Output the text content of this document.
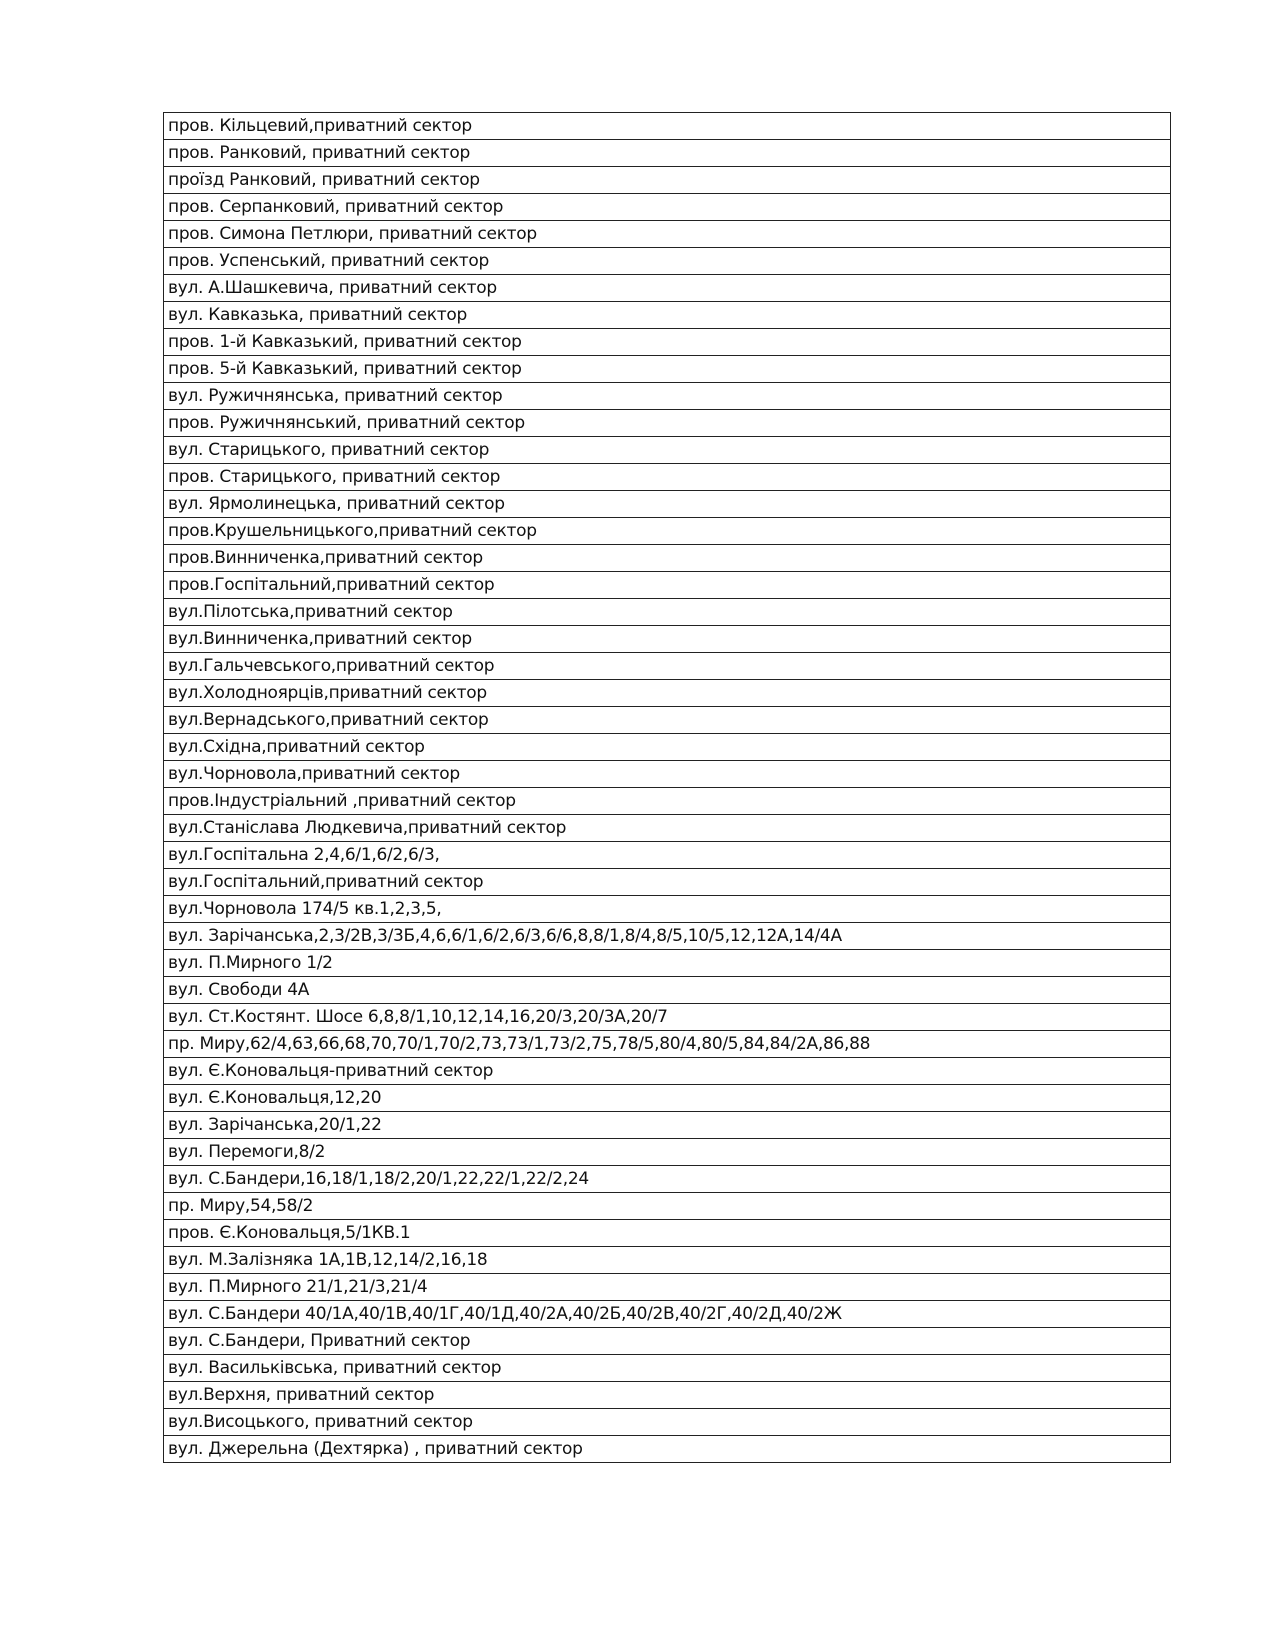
пров. Кільцевий,приватний сектор
пров. Ранковий, приватний сектор
проїзд Ранковий, приватний сектор
пров. Серпанковий, приватний сектор
пров. Симона Петлюри, приватний сектор
пров. Успенський, приватний сектор
вул. А.Шашкевича, приватний сектор
вул. Кавказька, приватний сектор
пров. 1-й Кавказький, приватний сектор
пров. 5-й Кавказький, приватний сектор
вул. Ружичнянська, приватний сектор
пров. Ружичнянський, приватний сектор
вул. Старицького, приватний сектор
пров. Старицького, приватний сектор
вул. Ярмолинецька, приватний сектор
пров.Крушельницького,приватний сектор
пров.Винниченка,приватний сектор
пров.Госпітальний,приватний сектор
вул.Пілотська,приватний сектор
вул.Винниченка,приватний сектор
вул.Гальчевського,приватний сектор
вул.Холодноярців,приватний сектор
вул.Вернадського,приватний сектор
вул.Східна,приватний сектор
вул.Чорновола,приватний сектор
пров.Індустріальний ,приватний сектор
вул.Станіслава Людкевича,приватний сектор
вул.Госпітальна 2,4,6/1,6/2,6/3,
вул.Госпітальний,приватний сектор
вул.Чорновола 174/5 кв.1,2,3,5,
вул. Зарічанська,2,3/2В,3/3Б,4,6,6/1,6/2,6/3,6/6,8,8/1,8/4,8/5,10/5,12,12А,14/4А
вул. П.Мирного 1/2
вул. Свободи 4А
вул. Ст.Костянт. Шосе 6,8,8/1,10,12,14,16,20/3,20/3А,20/7
пр. Миру,62/4,63,66,68,70,70/1,70/2,73,73/1,73/2,75,78/5,80/4,80/5,84,84/2А,86,88
вул. Є.Коновальця-приватний сектор
вул. Є.Коновальця,12,20
вул. Зарічанська,20/1,22
вул. Перемоги,8/2
вул. С.Бандери,16,18/1,18/2,20/1,22,22/1,22/2,24
пр. Миру,54,58/2
пров. Є.Коновальця,5/1КВ.1
вул. М.Залізняка 1А,1В,12,14/2,16,18
вул. П.Мирного 21/1,21/3,21/4
вул. С.Бандери 40/1А,40/1В,40/1Г,40/1Д,40/2А,40/2Б,40/2В,40/2Г,40/2Д,40/2Ж
вул. С.Бандери, Приватний сектор
вул. Васильківська, приватний сектор
вул.Верхня, приватний сектор
вул.Висоцького, приватний сектор
вул. Джерельна (Дехтярка) , приватний сектор
